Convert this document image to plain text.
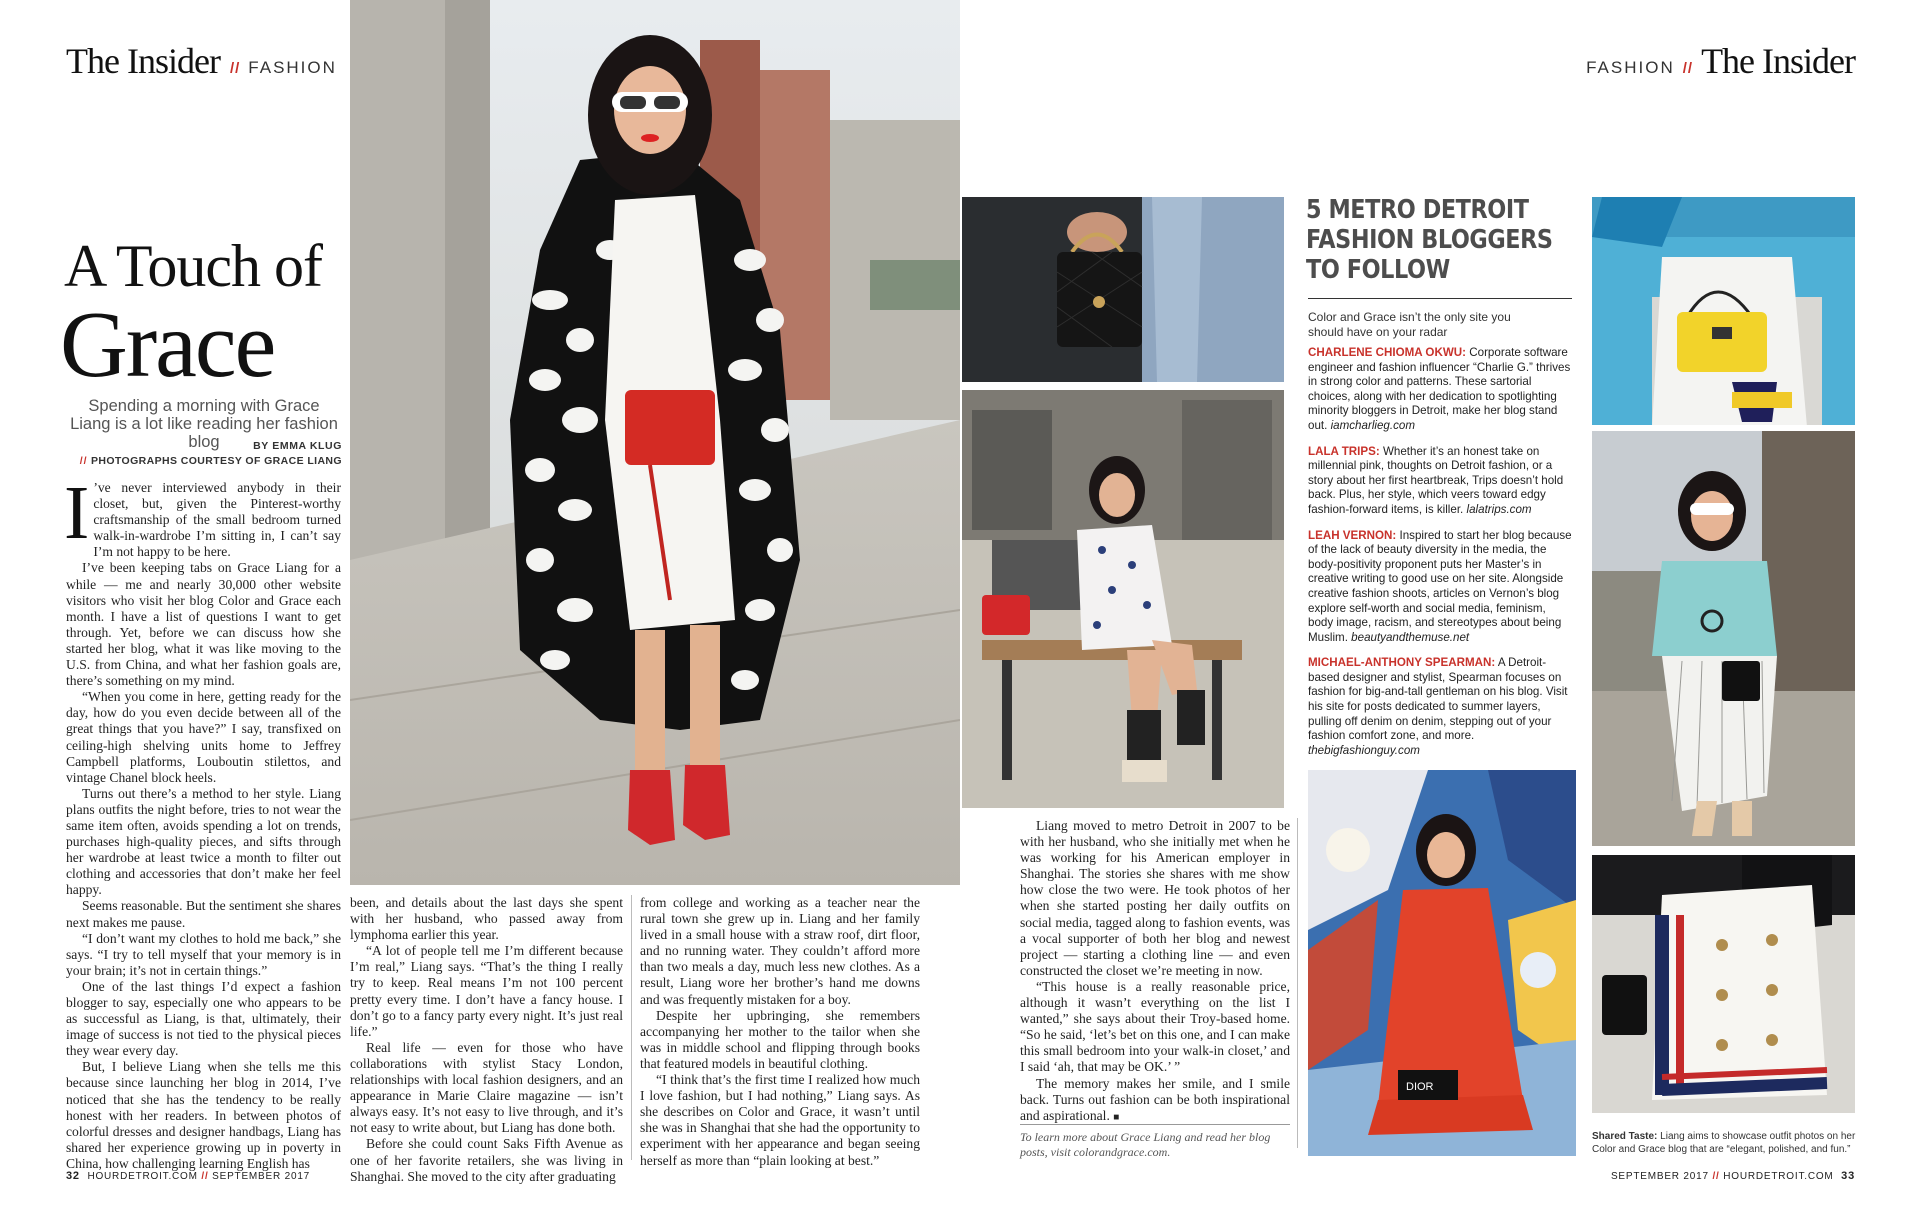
The Insider // FASHION
A Touch of
Grace
Spending a morning with Grace Liang is a lot like reading her fashion blog	BY EMMA KLUG
// PHOTOGRAPHS COURTESY OF GRACE LIANG
I ’ve never interviewed anybody in their closet, but, given the Pinterest-worthy craftsmanship of the small bedroom turned walk-in-wardrobe I’m sitting in, I can’t say I’m not happy to be here.

I’ve been keeping tabs on Grace Liang for a while — me and nearly 30,000 other website visitors who visit her blog Color and Grace each month. I have a list of questions I want to get through. Yet, before we can discuss how she started her blog, what it was like moving to the U.S. from China, and what her fashion goals are, there’s something on my mind.

“When you come in here, getting ready for the day, how do you even decide between all of the great things that you have?” I say, transfixed on ceiling-high shelving units home to Jeffrey Campbell platforms, Louboutin stilettos, and vintage Chanel block heels.

Turns out there’s a method to her style. Liang plans outfits the night before, tries to not wear the same item often, avoids spending a lot on trends, purchases high-quality pieces, and sifts through her wardrobe at least twice a month to filter out clothing and accessories that don’t make her feel happy.

Seems reasonable. But the sentiment she shares next makes me pause.

“I don’t want my clothes to hold me back,” she says. “I try to tell myself that your memory is in your brain; it’s not in certain things.”

One of the last things I’d expect a fashion blogger to say, especially one who appears to be as successful as Liang, is that, ultimately, their image of success is not tied to the physical pieces they wear every day.

But, I believe Liang when she tells me this because since launching her blog in 2014, I’ve noticed that she has the tendency to be really honest with her readers. In between photos of colorful dresses and designer handbags, Liang has shared her experience growing up in poverty in China, how challenging learning English has

been, and details about the last days she spent with her husband, who passed away from lymphoma earlier this year.

“A lot of people tell me I’m different because I’m real,” Liang says. “That’s the thing I really try to keep. Real means I’m not 100 percent pretty every time. I don’t have a fancy house. I don’t go to a fancy party every night. It’s just real life.”

Real life — even for those who have collaborations with stylist Stacy London, relationships with local fashion designers, and an appearance in Marie Claire magazine — isn’t always easy. It’s not easy to live through, and it’s not easy to write about, but Liang has done both.

Before she could count Saks Fifth Avenue as one of her favorite retailers, she was living in Shanghai. She moved to the city after graduating

from college and working as a teacher near the rural town she grew up in. Liang and her family lived in a small house with a straw roof, dirt floor, and no running water. They couldn’t afford more than two meals a day, much less new clothes. As a result, Liang wore her brother’s hand me downs and was frequently mistaken for a boy.

Despite her upbringing, she remembers accompanying her mother to the tailor when she was in middle school and flipping through books that featured models in beautiful clothing.

“I think that’s the first time I realized how much I love fashion, but I had nothing,” Liang says. As she describes on Color and Grace, it wasn’t until she was in Shanghai that she had the opportunity to experiment with her appearance and began seeing herself as more than “plain looking at best.”

32 HOURDETROIT.COM // SEPTEMBER 2017
FASHION // The Insider

Liang moved to metro Detroit in 2007 to be with her husband, who she initially met when he was working for his American employer in Shanghai. The stories she shares with me show how close the two were. He took photos of her when she started posting her daily outfits on social media, tagged along to fashion events, was a vocal supporter of both her blog and newest project — starting a clothing line — and even constructed the closet we’re meeting in now.

“This house is a really reasonable price, although it wasn’t everything on the list I wanted,” she says about their Troy-based home. “So he said, ‘let’s bet on this one, and I can make this small bedroom into your walk-in closet,’ and I said ‘ah, that may be OK.’ ”

The memory makes her smile, and I smile back. Turns out fashion can be both inspirational and aspirational. ■

To learn more about Grace Liang and read her blog posts, visit colorandgrace.com.
5 METRO DETROIT FASHION BLOGGERS TO FOLLOW
Color and Grace isn’t the only site you should have on your radar
CHARLENE CHIOMA OKWU: Corporate software engineer and fashion influencer “Charlie G.” thrives in strong color and patterns. These sartorial choices, along with her dedication to spotlighting minority bloggers in Detroit, make her blog stand out. iamcharlieg.com
LALA TRIPS: Whether it’s an honest take on millennial pink, thoughts on Detroit fashion, or a story about her first heartbreak, Trips doesn’t hold back. Plus, her style, which veers toward edgy fashion-forward items, is killer. lalatrips.com
LEAH VERNON: Inspired to start her blog because of the lack of beauty diversity in the media, the body-positivity proponent puts her Master’s in creative writing to good use on her site. Alongside creative fashion shoots, articles on Vernon’s blog explore self-worth and social media, feminism, body image, racism, and stereotypes about being Muslim. beautyandthemuse.net
MICHAEL-ANTHONY SPEARMAN: A Detroit-based designer and stylist, Spearman focuses on fashion for big-and-tall gentleman on his blog. Visit his site for posts dedicated to summer layers, pulling off denim on denim, stepping out of your fashion comfort zone, and more. thebigfashionguy.com
DIOR
Shared Taste: Liang aims to showcase outfit photos on her Color and Grace blog that are “elegant, polished, and fun.”
SEPTEMBER 2017 // HOURDETROIT.COM 33
